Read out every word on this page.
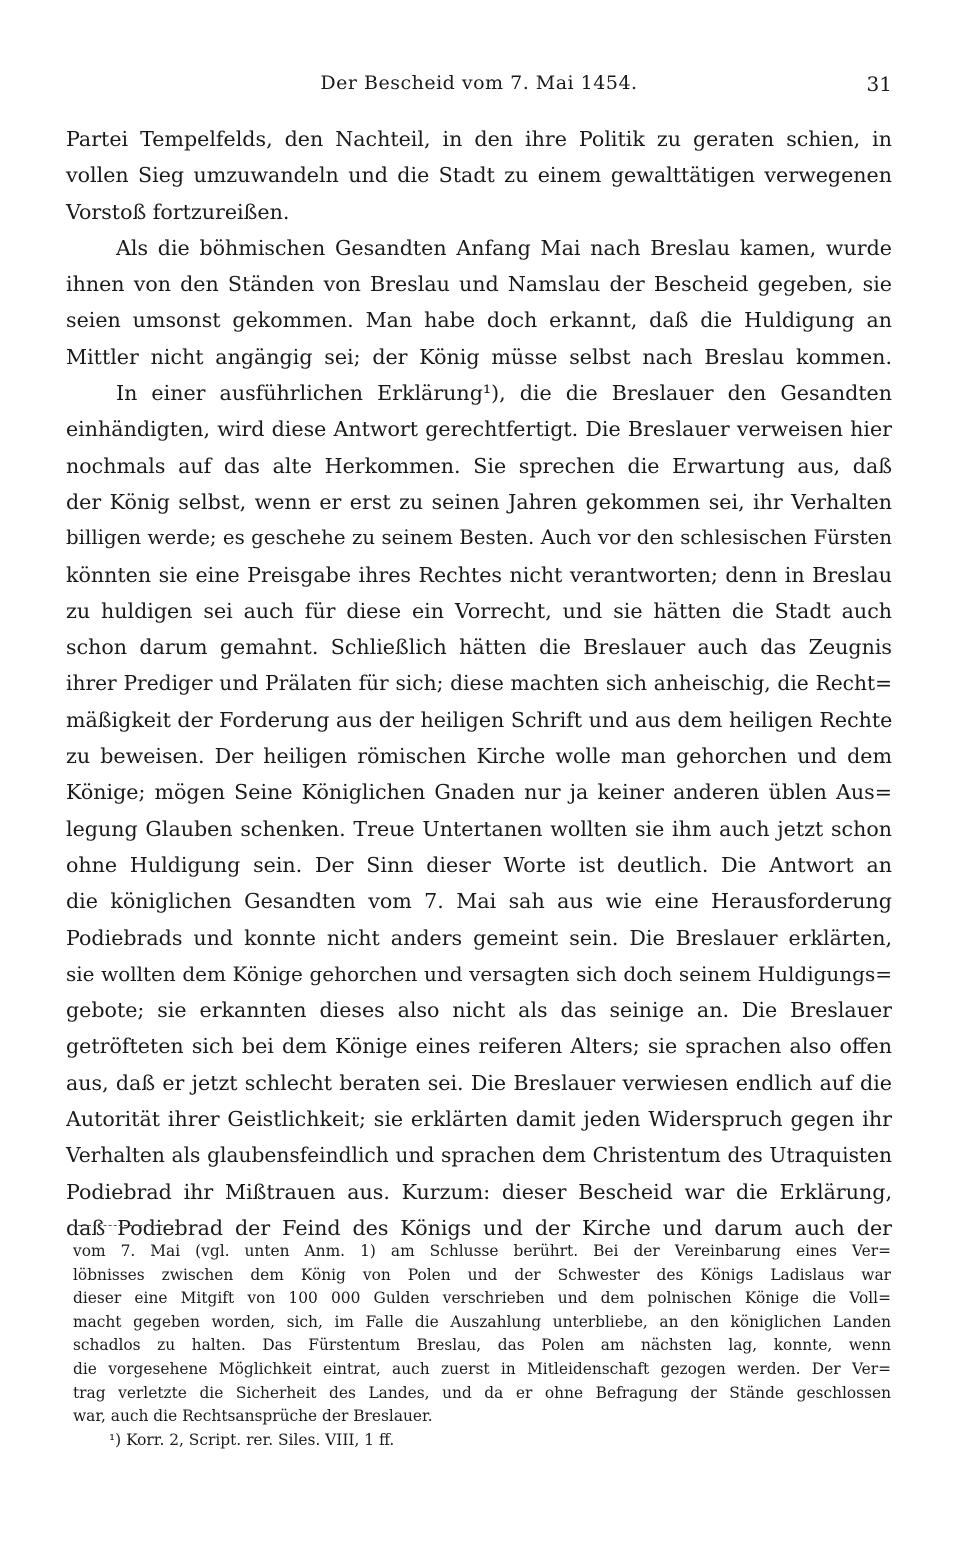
Der Bescheid vom 7. Mai 1454.	31
Partei Tempelfelds, den Nachteil, in den ihre Politik zu geraten schien, in
vollen Sieg umzuwandeln und die Stadt zu einem gewalttätigen verwegenen
Vorstoß fortzureißen.
Als die böhmischen Gesandten Anfang Mai nach Breslau kamen, wurde
ihnen von den Ständen von Breslau und Namslau der Bescheid gegeben, sie
seien umsonst gekommen. Man habe doch erkannt, daß die Huldigung an
Mittler nicht angängig sei; der König müsse selbst nach Breslau kommen.
In einer ausführlichen Erklärung¹), die die Breslauer den Gesandten
einhändigten, wird diese Antwort gerechtfertigt. Die Breslauer verweisen hier
nochmals auf das alte Herkommen. Sie sprechen die Erwartung aus, daß
der König selbst, wenn er erst zu seinen Jahren gekommen sei, ihr Verhalten
billigen werde; es geschehe zu seinem Besten. Auch vor den schlesischen Fürsten
könnten sie eine Preisgabe ihres Rechtes nicht verantworten; denn in Breslau
zu huldigen sei auch für diese ein Vorrecht, und sie hätten die Stadt auch
schon darum gemahnt. Schließlich hätten die Breslauer auch das Zeugnis
ihrer Prediger und Prälaten für sich; diese machten sich anheischig, die Recht=
mäßigkeit der Forderung aus der heiligen Schrift und aus dem heiligen Rechte
zu beweisen. Der heiligen römischen Kirche wolle man gehorchen und dem
Könige; mögen Seine Königlichen Gnaden nur ja keiner anderen üblen Aus=
legung Glauben schenken. Treue Untertanen wollten sie ihm auch jetzt schon
ohne Huldigung sein. Der Sinn dieser Worte ist deutlich. Die Antwort an
die königlichen Gesandten vom 7. Mai sah aus wie eine Herausforderung
Podiebrads und konnte nicht anders gemeint sein. Die Breslauer erklärten,
sie wollten dem Könige gehorchen und versagten sich doch seinem Huldigungs=
gebote; sie erkannten dieses also nicht als das seinige an. Die Breslauer
getröfteten sich bei dem Könige eines reiferen Alters; sie sprachen also offen
aus, daß er jetzt schlecht beraten sei. Die Breslauer verwiesen endlich auf die
Autorität ihrer Geistlichkeit; sie erklärten damit jeden Widerspruch gegen ihr
Verhalten als glaubensfeindlich und sprachen dem Christentum des Utraquisten
Podiebrad ihr Mißtrauen aus. Kurzum: dieser Bescheid war die Erklärung,
daß Podiebrad der Feind des Königs und der Kirche und darum auch der
vom 7. Mai (vgl. unten Anm. 1) am Schlusse berührt. Bei der Vereinbarung eines Ver=
löbnisses zwischen dem König von Polen und der Schwester des Königs Ladislaus war
dieser eine Mitgift von 100 000 Gulden verschrieben und dem polnischen Könige die Voll=
macht gegeben worden, sich, im Falle die Auszahlung unterbliebe, an den königlichen Landen
schadlos zu halten. Das Fürstentum Breslau, das Polen am nächsten lag, konnte, wenn
die vorgesehene Möglichkeit eintrat, auch zuerst in Mitleidenschaft gezogen werden. Der Ver=
trag verletzte die Sicherheit des Landes, und da er ohne Befragung der Stände geschlossen
war, auch die Rechtsansprüche der Breslauer.
¹) Korr. 2, Script. rer. Siles. VIII, 1 ff.
